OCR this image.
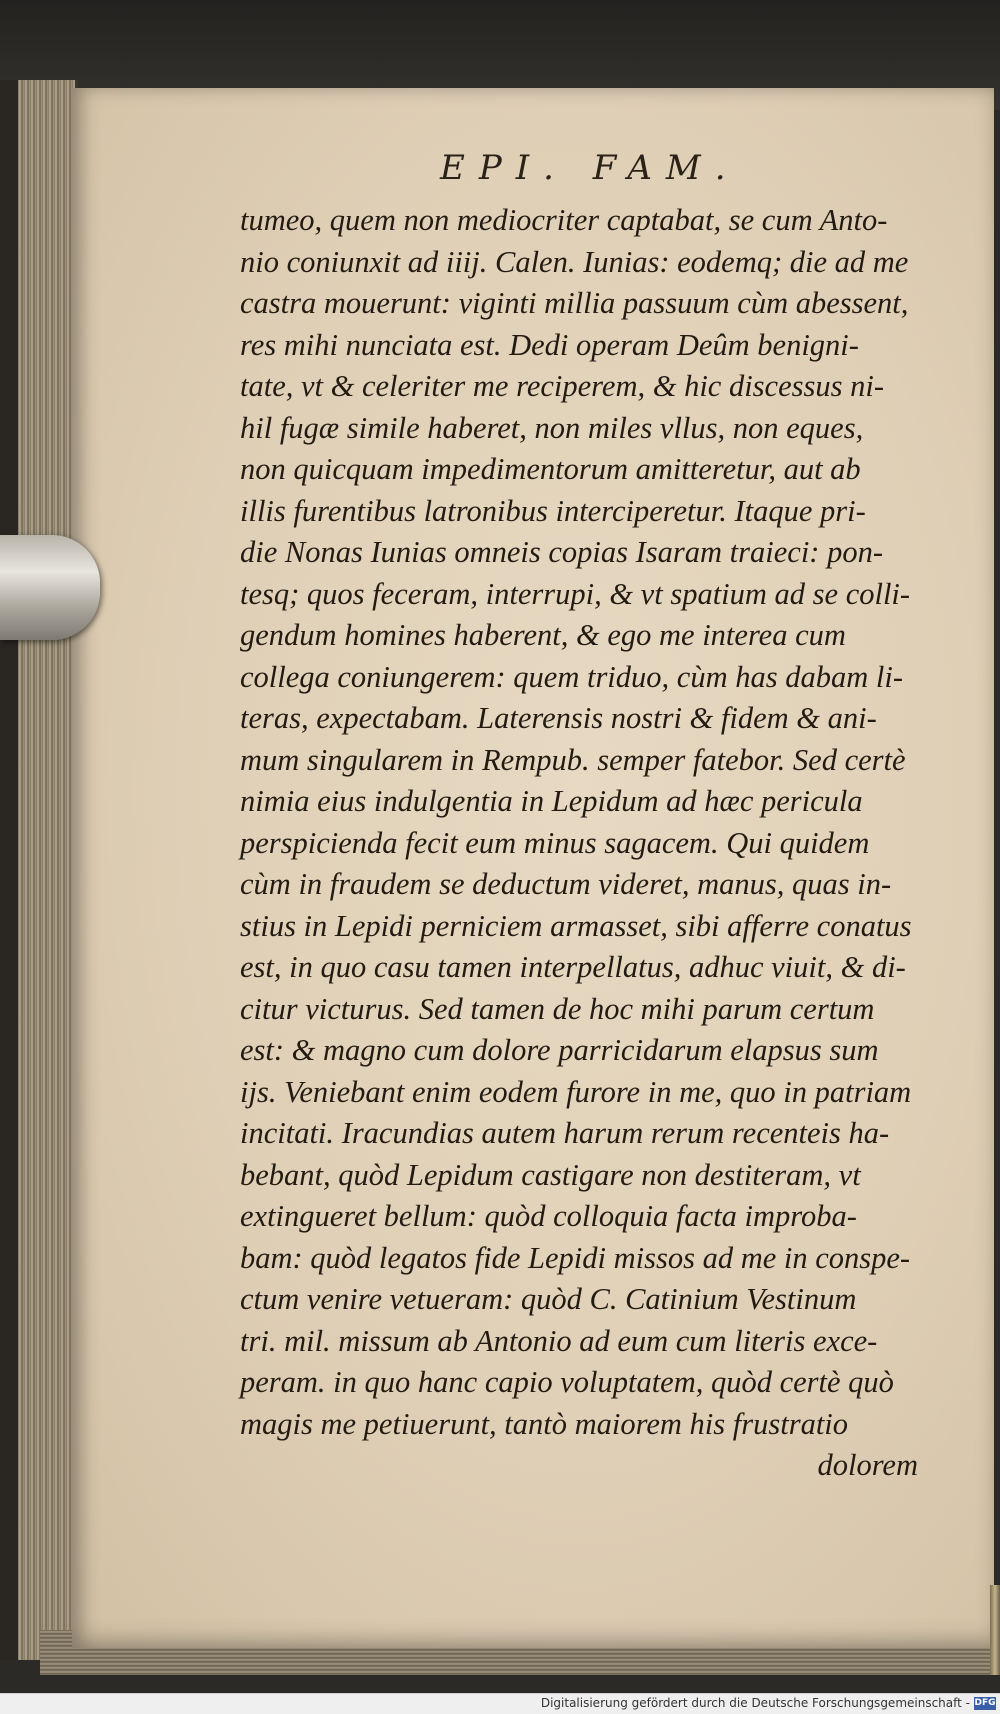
EPI. FAM.
tumeo, quem non mediocriter captabat, se cum Anto-
nio coniunxit ad iiij. Calen. Iunias: eodemq; die ad me
castra mouerunt: viginti millia passuum cùm abessent,
res mihi nunciata est. Dedi operam Deûm benigni-
tate, vt & celeriter me reciperem, & hic discessus ni-
hil fugæ simile haberet, non miles vllus, non eques,
non quicquam impedimentorum amitteretur, aut ab
illis furentibus latronibus interciperetur. Itaque pri-
die Nonas Iunias omneis copias Isaram traieci: pon-
tesq; quos feceram, interrupi, & vt spatium ad se colli-
gendum homines haberent, & ego me interea cum
collega coniungerem: quem triduo, cùm has dabam li-
teras, expectabam. Laterensis nostri & fidem & ani-
mum singularem in Rempub. semper fatebor. Sed certè
nimia eius indulgentia in Lepidum ad hæc pericula
perspicienda fecit eum minus sagacem. Qui quidem
cùm in fraudem se deductum videret, manus, quas in-
stius in Lepidi perniciem armasset, sibi afferre conatus
est, in quo casu tamen interpellatus, adhuc viuit, & di-
citur victurus. Sed tamen de hoc mihi parum certum
est: & magno cum dolore parricidarum elapsus sum
ijs. Veniebant enim eodem furore in me, quo in patriam
incitati. Iracundias autem harum rerum recenteis ha-
bebant, quòd Lepidum castigare non destiteram, vt
extingueret bellum: quòd colloquia facta improba-
bam: quòd legatos fide Lepidi missos ad me in conspe-
ctum venire vetueram: quòd C. Catinium Vestinum
tri. mil. missum ab Antonio ad eum cum literis exce-
peram. in quo hanc capio voluptatem, quòd certè quò
magis me petiuerunt, tantò maiorem his frustratio
dolorem
Digitalisierung gefördert durch die Deutsche Forschungsgemeinschaft - DFG
